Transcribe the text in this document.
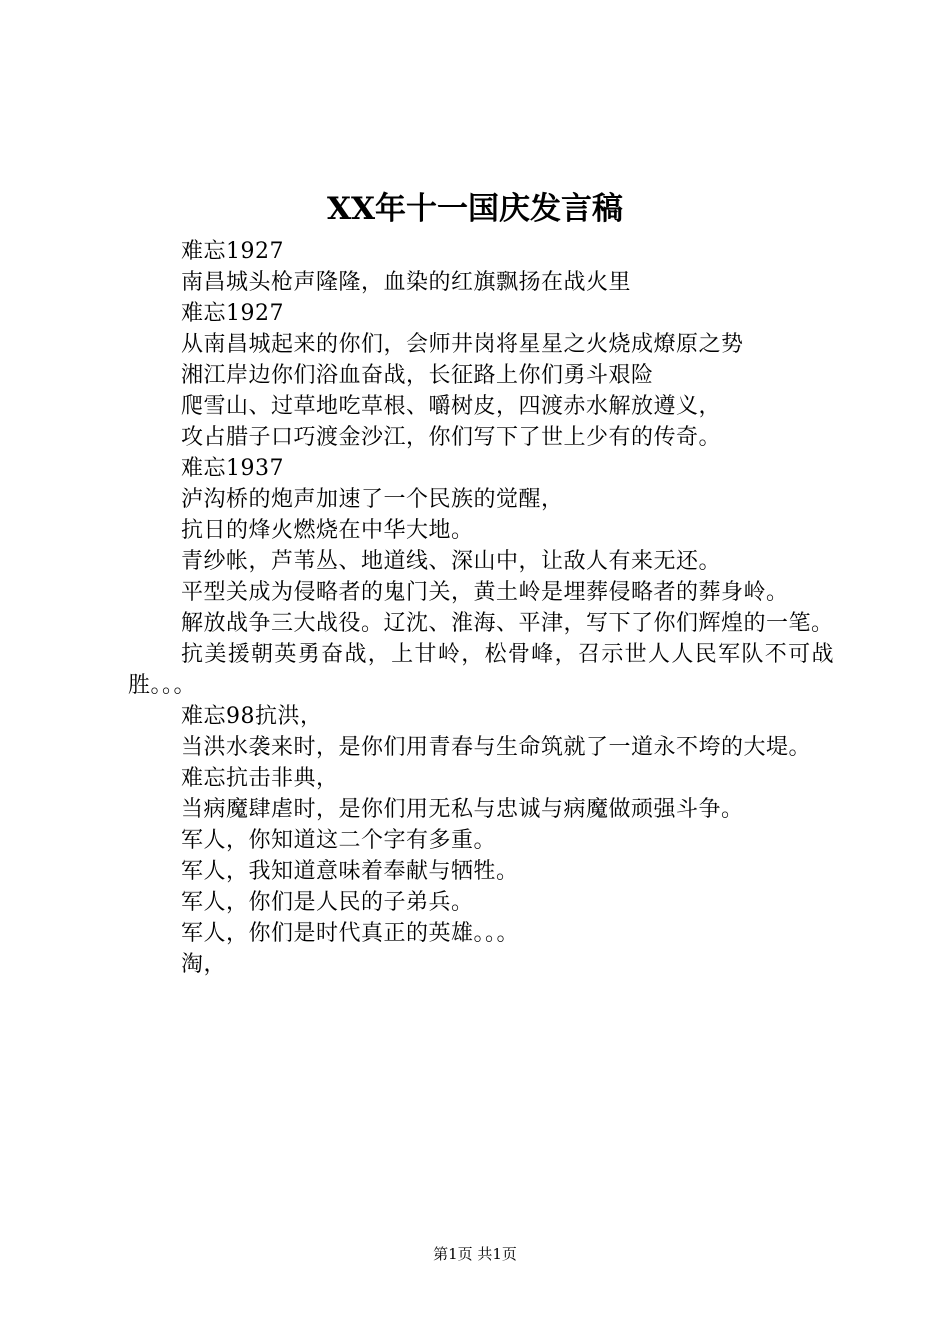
XX年十一国庆发言稿

难忘1927

南昌城头枪声隆隆，血染的红旗飘扬在战火里

难忘1927

从南昌城起来的你们，会师井岗将星星之火烧成燎原之势

湘江岸边你们浴血奋战，长征路上你们勇斗艰险

爬雪山、过草地吃草根、嚼树皮，四渡赤水解放遵义，

攻占腊子口巧渡金沙江，你们写下了世上少有的传奇。

难忘1937

泸沟桥的炮声加速了一个民族的觉醒，

抗日的烽火燃烧在中华大地。

青纱帐，芦苇丛、地道线、深山中，让敌人有来无还。

平型关成为侵略者的鬼门关，黄土岭是埋葬侵略者的葬身岭。

解放战争三大战役。辽沈、淮海、平津，写下了你们辉煌的一笔。

抗美援朝英勇奋战，上甘岭，松骨峰，召示世人人民军队不可战胜。。。

难忘98抗洪，

当洪水袭来时，是你们用青春与生命筑就了一道永不垮的大堤。

难忘抗击非典，

当病魔肆虐时，是你们用无私与忠诚与病魔做顽强斗争。

军人，你知道这二个字有多重。

军人，我知道意味着奉献与牺牲。

军人，你们是人民的子弟兵。

军人，你们是时代真正的英雄。。。

淘，

第1页 共1页
